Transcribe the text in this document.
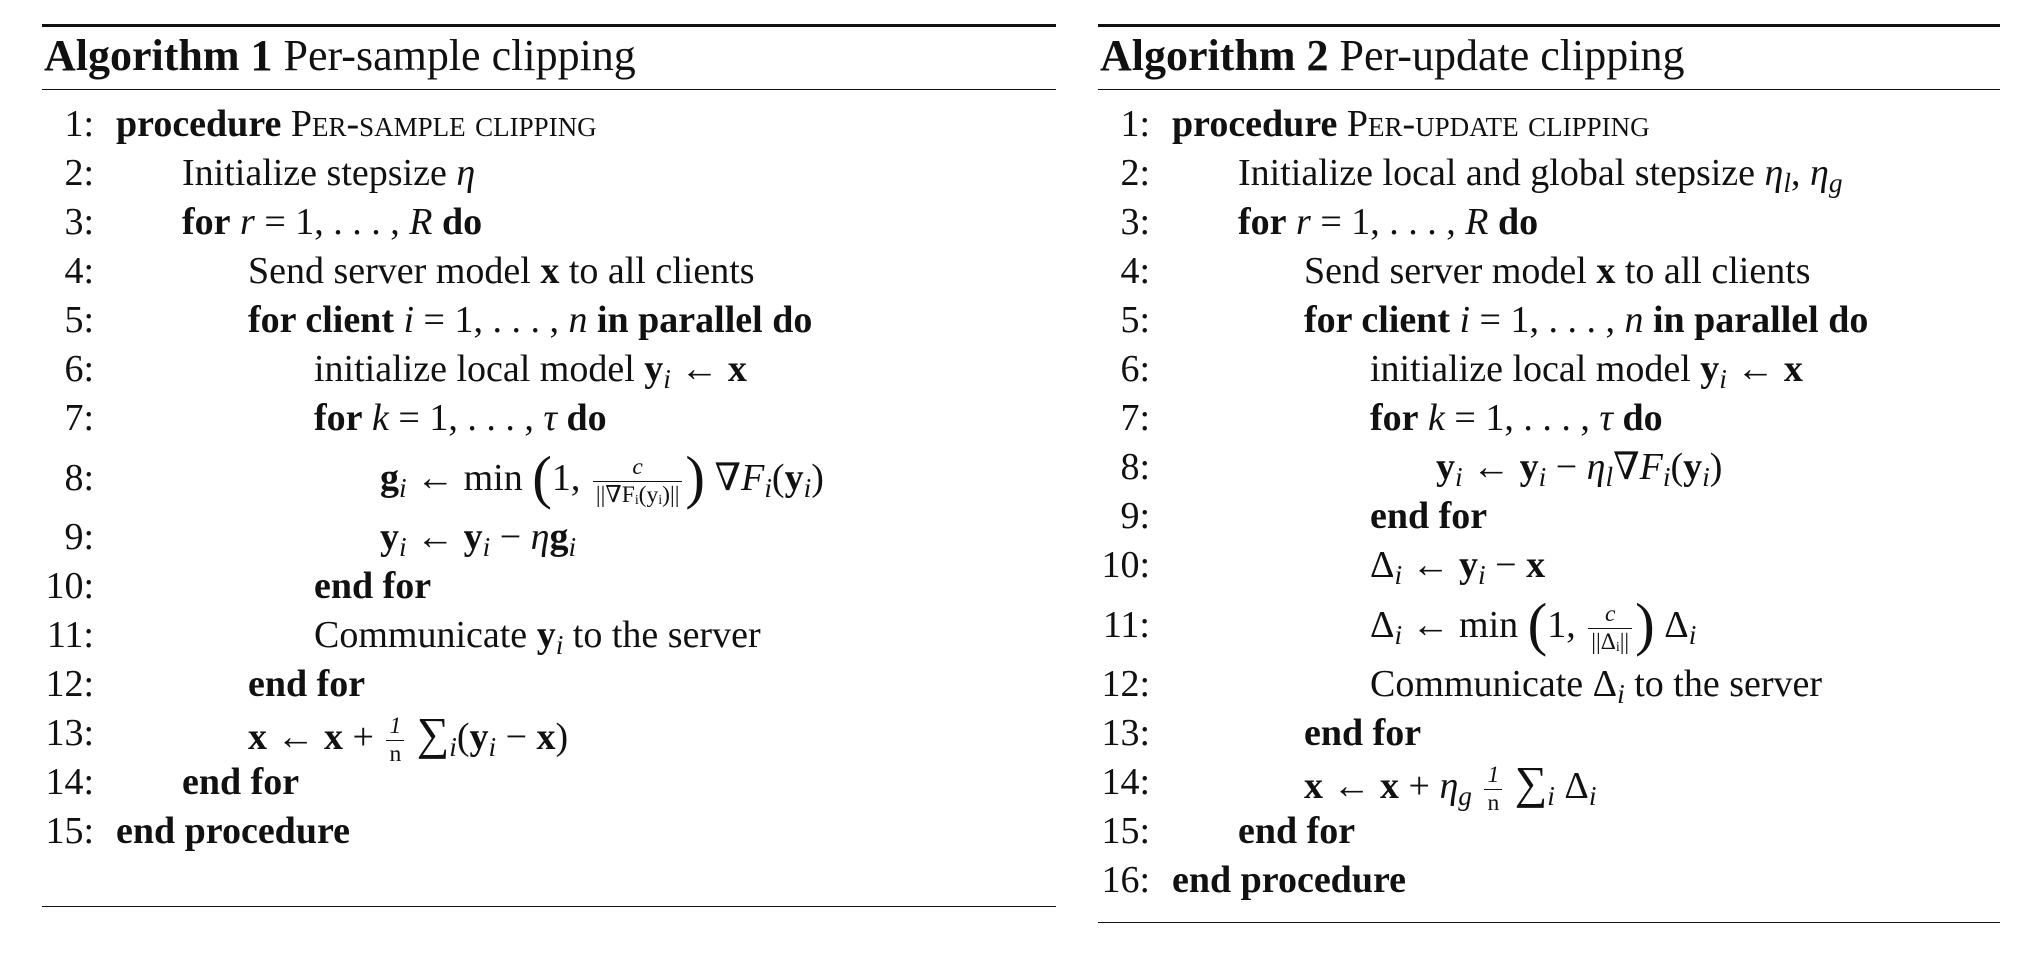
Algorithm 1 Per-sample clipping
1: procedure Per-sample clipping
2: Initialize stepsize η
3: for r = 1, . . . , R do
4:	Send server model x to all clients
5:	for client i = 1, . . . , n in parallel do
6:	initialize local model $y_i$ ← x
7:	for k = 1, . . . , τ do
8:	$g_i$ ← min (1, $\frac{c}{\text{||∇Fᵢ(yᵢ)||}}$ ) $\nabla F_i(y_i)$
9:	$y_i$ ← $y_i - \eta g_i$
10:	end for
11:	Communicate $y_i$ to the server
12:	end for
13:	x ← $x + \frac{1}{n} \sum_i(y_i - x)$
14: end for
15: end procedure
Algorithm 2 Per-update clipping
1: procedure Per-update clipping
2: Initialize local and global stepsize $\eta_l$, $\eta_g$
3: for r = 1, . . . , R do
4:	Send server model x to all clients
5:	for client i = 1, . . . , n in parallel do
6:	initialize local model $y_i$ ← x
7:	for k = 1, . . . , τ do
8:	$y_i$ ← $y_i - \eta_l\nabla F_i(y_i)$
9:	end for
10:	$\Delta_i$ ← $y_i - x$
11:	$\Delta_i$ ← min (1, $\frac{c}{\text{||Δᵢ||}}$ ) $\Delta_i$
12:	Communicate $\Delta_i$ to the server
13:	end for
14:	x ← $x + \eta_g \frac{1}{n} \sum_i$ $\Delta_i$
15: end for
16: end procedure
